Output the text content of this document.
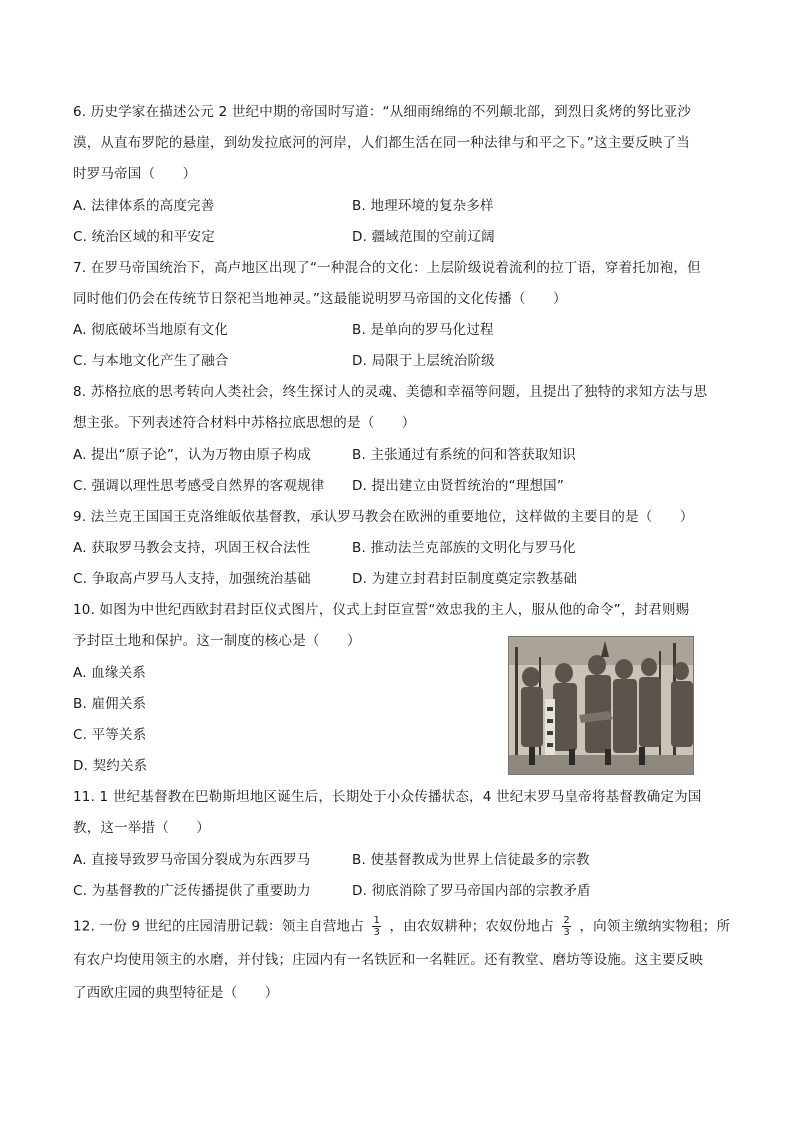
6. 历史学家在描述公元 2 世纪中期的帝国时写道：“从细雨绵绵的不列颠北部，到烈日炙烤的努比亚沙
漠，从直布罗陀的悬崖，到幼发拉底河的河岸，人们都生活在同一种法律与和平之下。”这主要反映了当
时罗马帝国（　　）
A. 法律体系的高度完善	B. 地理环境的复杂多样
C. 统治区域的和平安定	D. 疆域范围的空前辽阔
7. 在罗马帝国统治下，高卢地区出现了“一种混合的文化：上层阶级说着流利的拉丁语，穿着托加袍，但
同时他们仍会在传统节日祭祀当地神灵。”这最能说明罗马帝国的文化传播（　　）
A. 彻底破坏当地原有文化	B. 是单向的罗马化过程
C. 与本地文化产生了融合	D. 局限于上层统治阶级
8. 苏格拉底的思考转向人类社会，终生探讨人的灵魂、美德和幸福等问题，且提出了独特的求知方法与思
想主张。下列表述符合材料中苏格拉底思想的是（　　）
A. 提出“原子论”，认为万物由原子构成	B. 主张通过有系统的问和答获取知识
C. 强调以理性思考感受自然界的客观规律 D. 提出建立由贤哲统治的“理想国”
9. 法兰克王国国王克洛维皈依基督教，承认罗马教会在欧洲的重要地位，这样做的主要目的是（　　）
A. 获取罗马教会支持，巩固王权合法性	B. 推动法兰克部族的文明化与罗马化
C. 争取高卢罗马人支持，加强统治基础	D. 为建立封君封臣制度奠定宗教基础
10. 如图为中世纪西欧封君封臣仪式图片，仪式上封臣宣誓“效忠我的主人，服从他的命令”，封君则赐
予封臣土地和保护。这一制度的核心是（　　）
A. 血缘关系
B. 雇佣关系
C. 平等关系
D. 契约关系
11. 1 世纪基督教在巴勒斯坦地区诞生后，长期处于小众传播状态，4 世纪末罗马皇帝将基督教确定为国
教，这一举措（　　）
A. 直接导致罗马帝国分裂成为东西罗马	B. 使基督教成为世界上信徒最多的宗教
C. 为基督教的广泛传播提供了重要助力	D. 彻底消除了罗马帝国内部的宗教矛盾
12. 一份 9 世纪的庄园清册记载：领主自营地占 $\frac{1}{3}$ ，由农奴耕种；农奴份地占 $\frac{2}{3}$ ，向领主缴纳实物租；所
有农户均使用领主的水磨，并付钱；庄园内有一名铁匠和一名鞋匠。还有教堂、磨坊等设施。这主要反映
了西欧庄园的典型特征是（　　）
